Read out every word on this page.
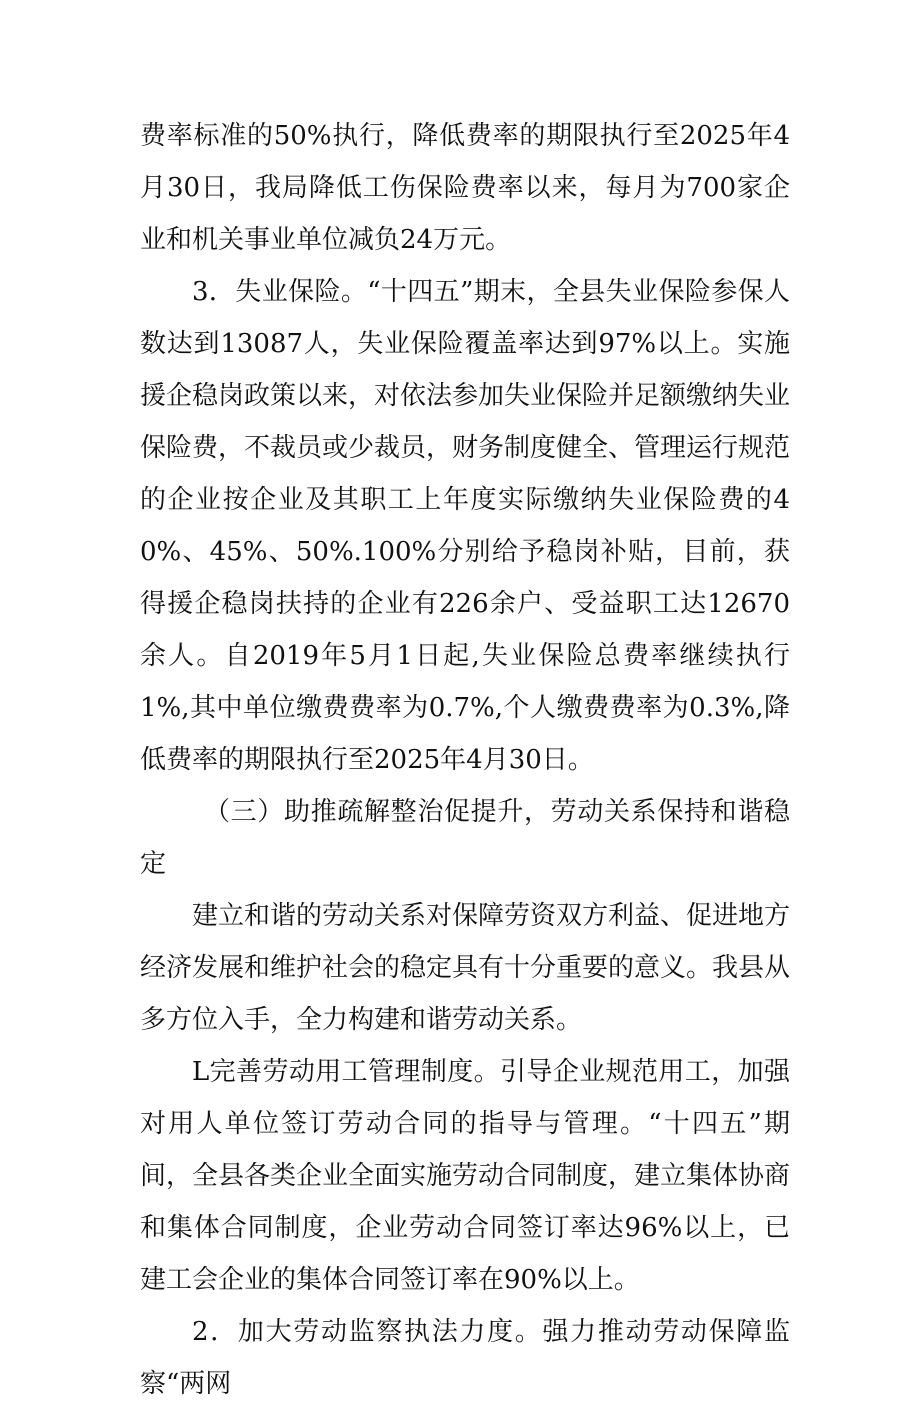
费率标准的50%执行，降低费率的期限执行至2025年4月30日，我局降低工伤保险费率以来，每月为700家企业和机关事业单位减负24万元。

3．失业保险。“十四五”期末，全县失业保险参保人数达到13087人，失业保险覆盖率达到97%以上。实施援企稳岗政策以来，对依法参加失业保险并足额缴纳失业保险费，不裁员或少裁员，财务制度健全、管理运行规范的企业按企业及其职工上年度实际缴纳失业保险费的40%、45%、50%.100%分别给予稳岗补贴，目前，获得援企稳岗扶持的企业有226余户、受益职工达12670余人。自2019年5月1日起,失业保险总费率继续执行1%,其中单位缴费费率为0.7%,个人缴费费率为0.3%,降低费率的期限执行至2025年4月30日。

（三）助推疏解整治促提升，劳动关系保持和谐稳定

建立和谐的劳动关系对保障劳资双方利益、促进地方经济发展和维护社会的稳定具有十分重要的意义。我县从多方位入手，全力构建和谐劳动关系。

L完善劳动用工管理制度。引导企业规范用工，加强对用人单位签订劳动合同的指导与管理。“十四五”期间，全县各类企业全面实施劳动合同制度，建立集体协商和集体合同制度，企业劳动合同签订率达96%以上，已建工会企业的集体合同签订率在90%以上。

2．加大劳动监察执法力度。强力推动劳动保障监察“两网
